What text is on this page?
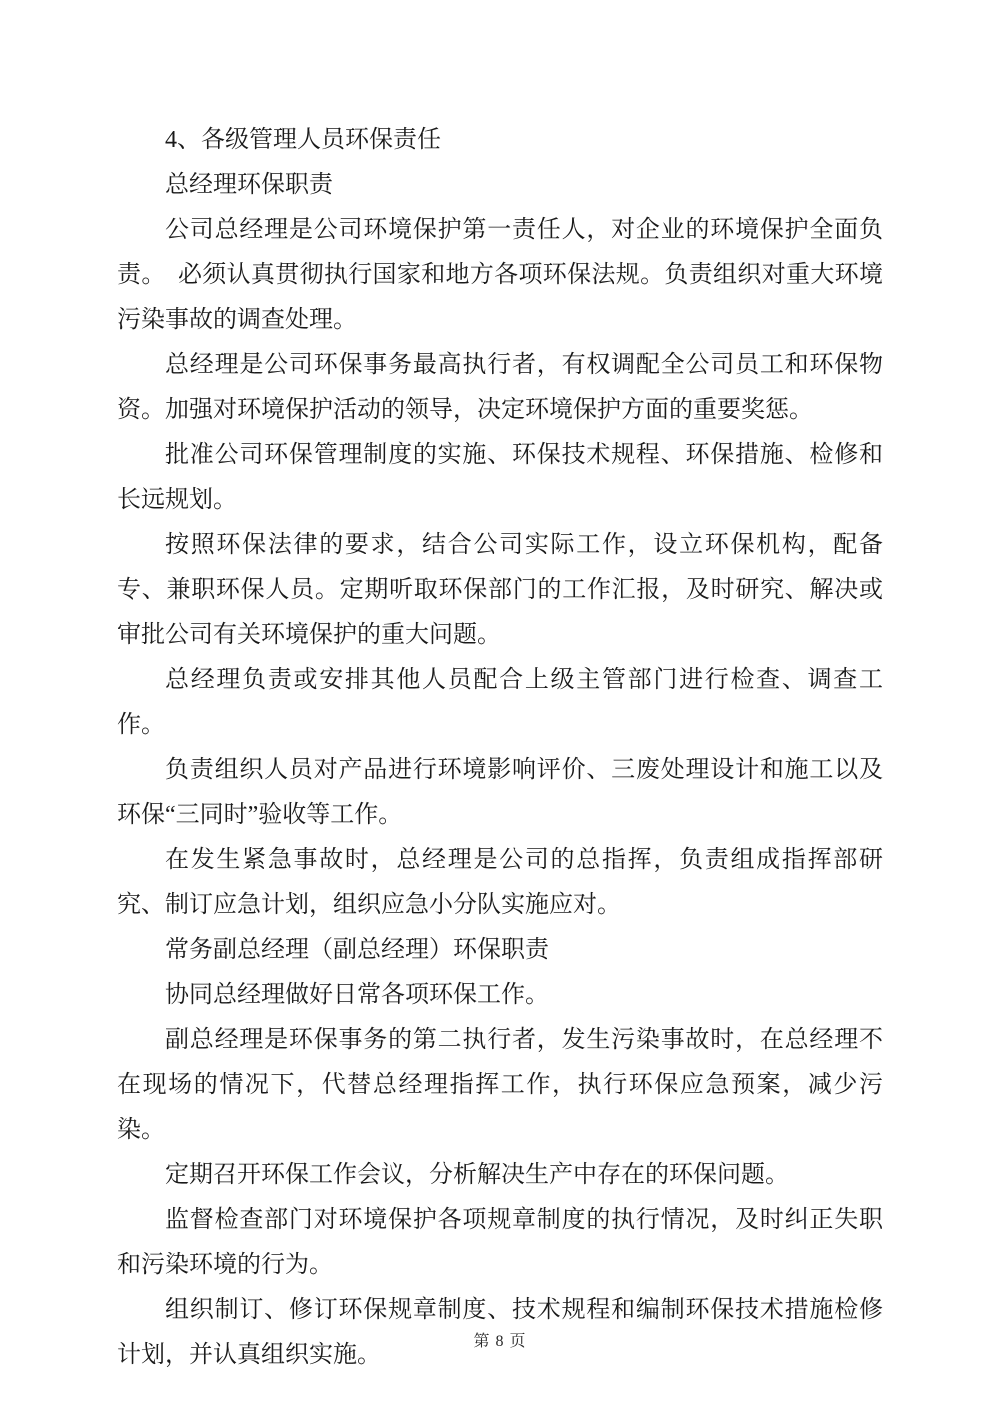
4、各级管理人员环保责任

总经理环保职责

公司总经理是公司环境保护第一责任人，对企业的环境保护全面负责。　必须认真贯彻执行国家和地方各项环保法规。负责组织对重大环境污染事故的调查处理。

总经理是公司环保事务最高执行者，有权调配全公司员工和环保物资。加强对环境保护活动的领导，决定环境保护方面的重要奖惩。

批准公司环保管理制度的实施、环保技术规程、环保措施、检修和长远规划。

按照环保法律的要求，结合公司实际工作，设立环保机构，配备专、兼职环保人员。定期听取环保部门的工作汇报，及时研究、解决或审批公司有关环境保护的重大问题。

总经理负责或安排其他人员配合上级主管部门进行检查、调查工作。

负责组织人员对产品进行环境影响评价、三废处理设计和施工以及环保“三同时”验收等工作。

在发生紧急事故时，总经理是公司的总指挥，负责组成指挥部研究、制订应急计划，组织应急小分队实施应对。

常务副总经理（副总经理）环保职责

协同总经理做好日常各项环保工作。

副总经理是环保事务的第二执行者，发生污染事故时，在总经理不在现场的情况下，代替总经理指挥工作，执行环保应急预案，减少污染。

定期召开环保工作会议，分析解决生产中存在的环保问题。

监督检查部门对环境保护各项规章制度的执行情况，及时纠正失职和污染环境的行为。

组织制订、修订环保规章制度、技术规程和编制环保技术措施检修计划，并认真组织实施。

第 8 页
